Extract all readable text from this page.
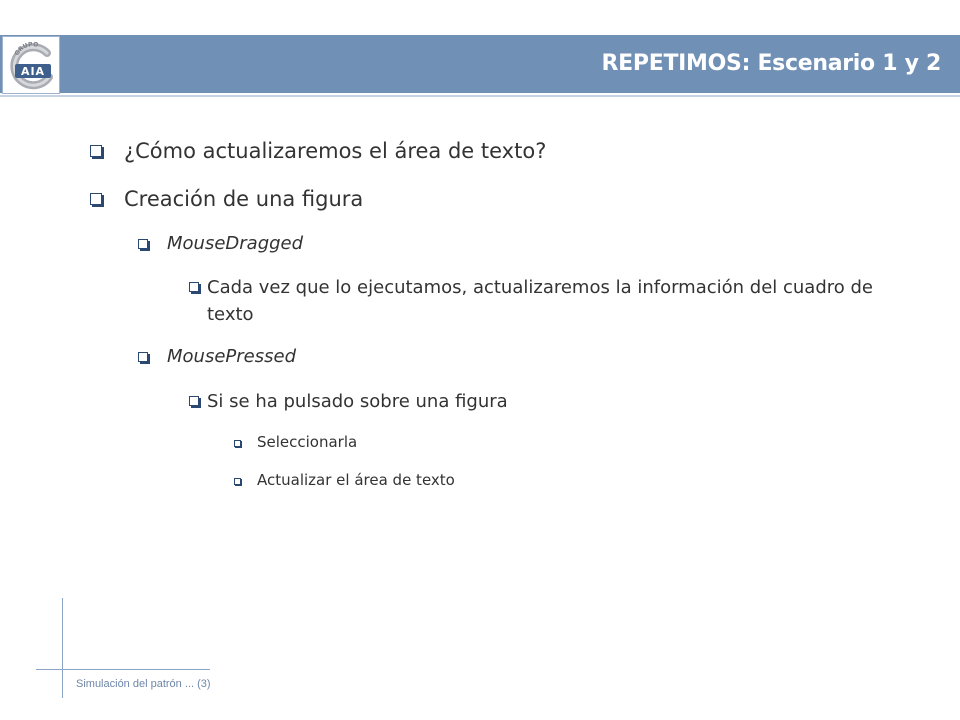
AIA
GRUPO
REPETIMOS: Escenario 1 y 2
¿Cómo actualizaremos el área de texto?
Creación de una figura
MouseDragged
Cada vez que lo ejecutamos, actualizaremos la información del cuadro de texto
MousePressed
Si se ha pulsado sobre una figura
Seleccionarla
Actualizar el área de texto
Simulación del patrón ... (3)
